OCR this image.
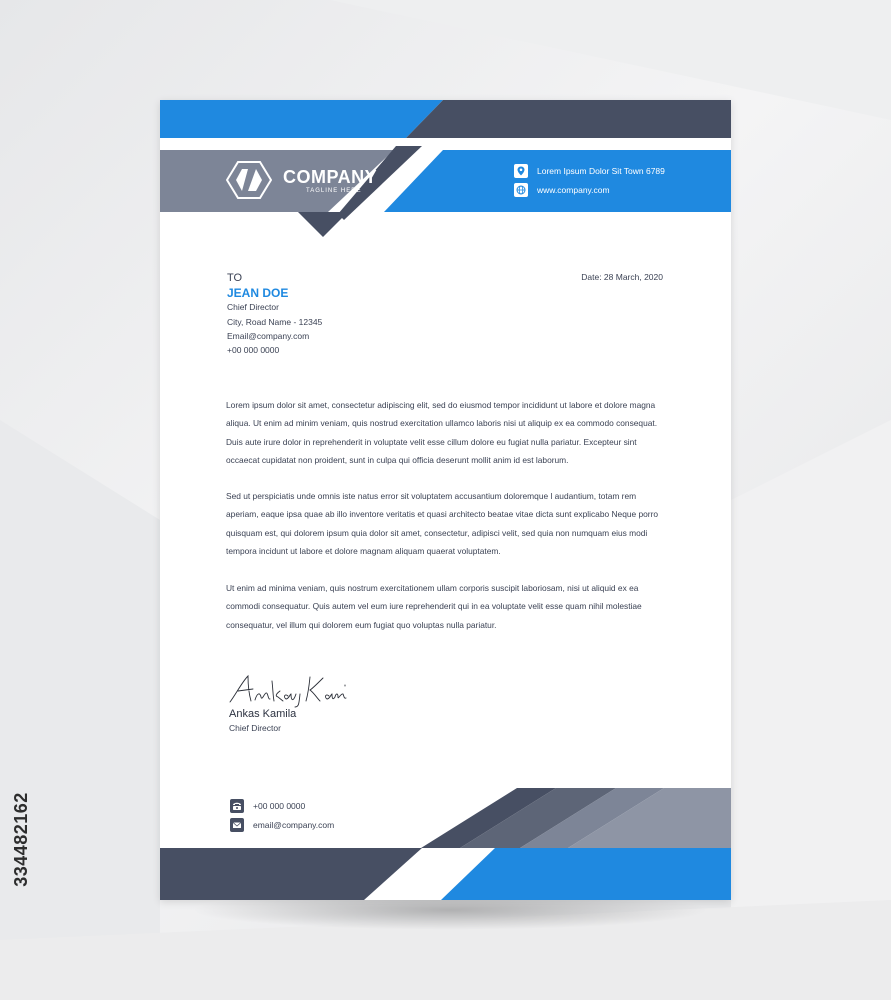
COMPANY

TAGLINE HERE

Lorem Ipsum Dolor Sit Town 6789
www.company.com
TO
JEAN DOE
Chief Director
City, Road Name - 12345
Email@company.com
+00 000 0000
Date: 28 March, 2020

Lorem ipsum dolor sit amet, consectetur adipiscing elit, sed do eiusmod tempor incididunt ut labore et dolore magna aliqua. Ut enim ad minim veniam, quis nostrud exercitation ullamco laboris nisi ut aliquip ex ea commodo consequat. Duis aute irure dolor in reprehenderit in voluptate velit esse cillum dolore eu fugiat nulla pariatur. Excepteur sint occaecat cupidatat non proident, sunt in culpa qui officia deserunt mollit anim id est laborum.

Sed ut perspiciatis unde omnis iste natus error sit voluptatem accusantium doloremque l audantium, totam rem aperiam, eaque ipsa quae ab illo inventore veritatis et quasi architecto beatae vitae dicta sunt explicabo Neque porro quisquam est, qui dolorem ipsum quia dolor sit amet, consectetur, adipisci velit, sed quia non numquam eius modi tempora incidunt ut labore et dolore magnam aliquam quaerat voluptatem.

Ut enim ad minima veniam, quis nostrum exercitationem ullam corporis suscipit laboriosam, nisi ut aliquid ex ea commodi consequatur. Quis autem vel eum iure reprehenderit qui in ea voluptate velit esse quam nihil molestiae consequatur, vel illum qui dolorem eum fugiat quo voluptas nulla pariatur.

Ankas Kamila
Chief Director
+00 000 0000
email@company.com
334482162
